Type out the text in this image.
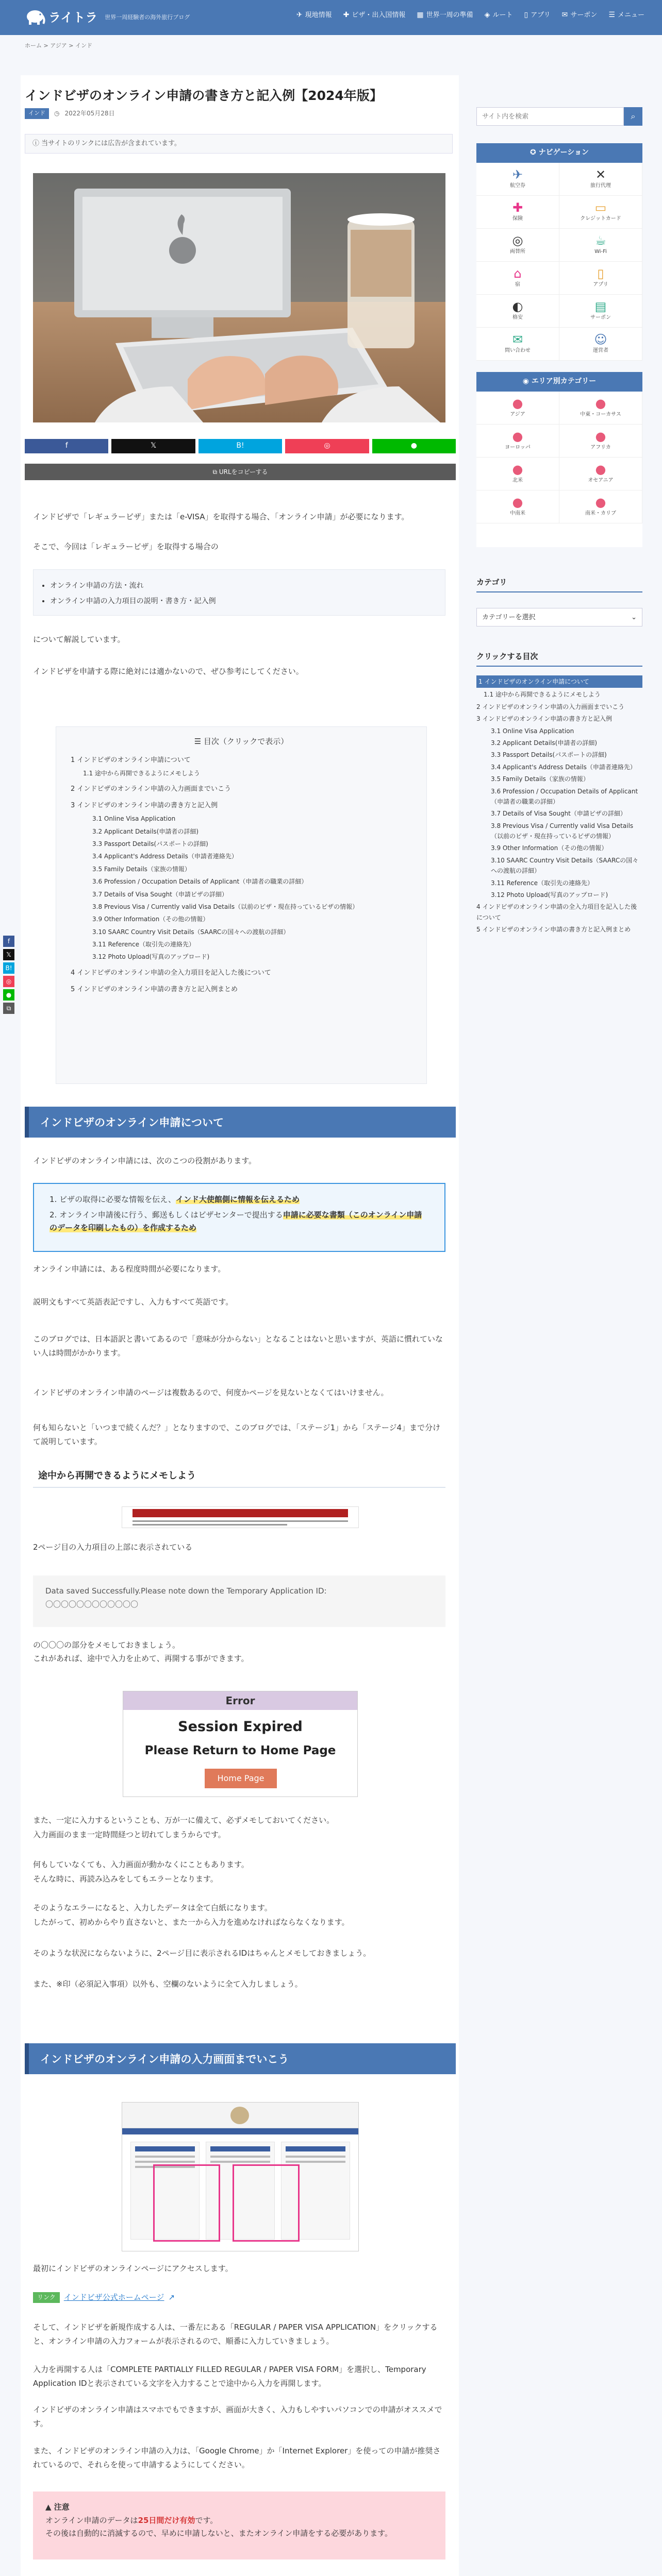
ライトラ 世界一周経験者の海外旅行ブログ	✈ 現地情報 ✚ ビザ・出入国情報 ▦ 世界一周の準備 ◈ ルート ▯ アプリ ✉ サーポン ☰ メニュー
ホーム > アジア > インド
インドビザのオンライン申請の書き方と記入例【2024年版】
インド	◷ 2022年05月28日
ⓘ 当サイトのリンクには広告が含まれています。
f	𝕏	B!	◎	●
⧉ URLをコピーする
インドビザで「レギュラービザ」または「e-VISA」を取得する場合、「オンライン申請」が必要になります。
そこで、今回は「レギュラービザ」を取得する場合の
• オンライン申請の方法・流れ
• オンライン申請の入力項目の説明・書き方・記入例
について解説しています。
インドビザを申請する際に絶対には適かないので、ぜひ参考にしてください。
☰ 目次（クリックで表示）
1 インドビザのオンライン申請について
1.1 途中から再開できるようにメモしよう
2 インドビザのオンライン申請の入力画面までいこう
3 インドビザのオンライン申請の書き方と記入例
3.1 Online Visa Application
3.2 Applicant Details(申請者の詳細)
3.3 Passport Details(パスポートの詳細)
3.4 Applicant's Address Details（申請者連絡先）
3.5 Family Details（家族の情報）
3.6 Profession / Occupation Details of Applicant（申請者の職業の詳細）
3.7 Details of Visa Sought（申請ビザの詳細）
3.8 Previous Visa / Currently valid Visa Details（以前のビザ・現在持っているビザの情報）
3.9 Other Information（その他の情報）
3.10 SAARC Country Visit Details（SAARCの国々への渡航の詳細）
3.11 Reference（取引先の連絡先）
3.12 Photo Upload(写真のアップロード)
4 インドビザのオンライン申請の全入力項目を記入した後について
5 インドビザのオンライン申請の書き方と記入例まとめ
インドビザのオンライン申請について
インドビザのオンライン申請には、次のこつの役割があります。
1. ビザの取得に必要な情報を伝え、インド大使館側に情報を伝えるため
2. オンライン申請後に行う、郵送もしくはビザセンターで提出する申請に必要な書類（このオンライン申請のデータを印刷したもの）を作成するため
オンライン申請には、ある程度時間が必要になります。
説明文もすべて英語表記ですし、入力もすべて英語です。
このブログでは、日本語訳と書いてあるので「意味が分からない」となることはないと思いますが、英語に慣れていない人は時間がかかります。
インドビザのオンライン申請のページは複数あるので、何度かページを見ないとなくてはいけません。
何も知らないと「いつまで続くんだ？」となりますので、このブログでは、「ステージ1」から「ステージ4」まで分けて説明しています。
途中から再開できるようにメモしよう
2ページ目の入力項目の上部に表示されている
Data saved Successfully.Please note down the Temporary Application ID:
〇〇〇〇〇〇〇〇〇〇〇〇
の〇〇〇の部分をメモしておきましょう。
これがあれば、途中で入力を止めて、再開する事ができます。
Error
Session Expired
Please Return to Home Page
Home Page
また、一定に入力するということも、万が一に備えて、必ずメモしておいてください。
入力画面のまま一定時間経つと切れてしまうからです。
何もしていなくても、入力画面が動かなくにこともあります。
そんな時に、再読み込みをしてもエラーとなります。
そのようなエラーになると、入力したデータは全て白紙になります。
したがって、初めからやり直さないと、また一から入力を進めなければならなくなります。
そのような状況にならないように、2ページ目に表示されるIDはちゃんとメモしておきましょう。
また、※印（必須記入事項）以外も、空欄のないように全て入力しましょう。
インドビザのオンライン申請の入力画面までいこう
最初にインドビザのオンラインページにアクセスします。
リンク	インドビザ公式ホームページ ↗
そして、インドビザを新規作成する人は、一番左にある「REGULAR / PAPER VISA APPLICATION」をクリックすると、オンライン申請の入力フォームが表示されるので、順番に入力していきましょう。
入力を再開する人は「COMPLETE PARTIALLY FILLED REGULAR / PAPER VISA FORM」を選択し、Temporary Application IDと表示されている文字を入力することで途中から入力を再開します。
インドビザのオンライン申請はスマホでもできますが、画面が大きく、入力もしやすいパソコンでの申請がオススメです。
また、インドビザのオンライン申請の入力は、「Google Chrome」か「Internet Explorer」を使っての申請が推奨されているので、それらを使って申請するようにしてください。
▲ 注意
オンライン申請のデータは25日間だけ有効です。
その後は自動的に消滅するので、早めに申請しないと、またオンライン申請をする必要があります。
f
𝕏
B!
◎
●
⧉
サイト内を検索
⌕
✪ ナビゲーション
✈
航空券
✕
旅行代理
✚
保険
▭
クレジットカード
◎
両替所
☕
Wi-Fi
⌂
宿
▯
アプリ
◐
格安
▤
サーポン
✉
問い合わせ
☺
運営者
◉ エリア別カテゴリー
●
アジア
●
中東・コーカサス
●
ヨーロッパ
●
アフリカ
●
北米
●
オセアニア
●
中南米
●
南米・カリブ
カテゴリ
カテゴリーを選択	⌄
クリックする目次
1 インドビザのオンライン申請について
1.1 途中から再開できるようにメモしよう
2 インドビザのオンライン申請の入力画面までいこう
3 インドビザのオンライン申請の書き方と記入例
3.1 Online Visa Application
3.2 Applicant Details(申請者の詳細)
3.3 Passport Details(パスポートの詳細)
3.4 Applicant's Address Details（申請者連絡先）
3.5 Family Details（家族の情報）
3.6 Profession / Occupation Details of Applicant（申請者の職業の詳細）
3.7 Details of Visa Sought（申請ビザの詳細）
3.8 Previous Visa / Currently valid Visa Details（以前のビザ・現在持っているビザの情報）
3.9 Other Information（その他の情報）
3.10 SAARC Country Visit Details（SAARCの国々への渡航の詳細）
3.11 Reference（取引先の連絡先）
3.12 Photo Upload(写真のアップロード)
4 インドビザのオンライン申請の全入力項目を記入した後について
5 インドビザのオンライン申請の書き方と記入例まとめ
